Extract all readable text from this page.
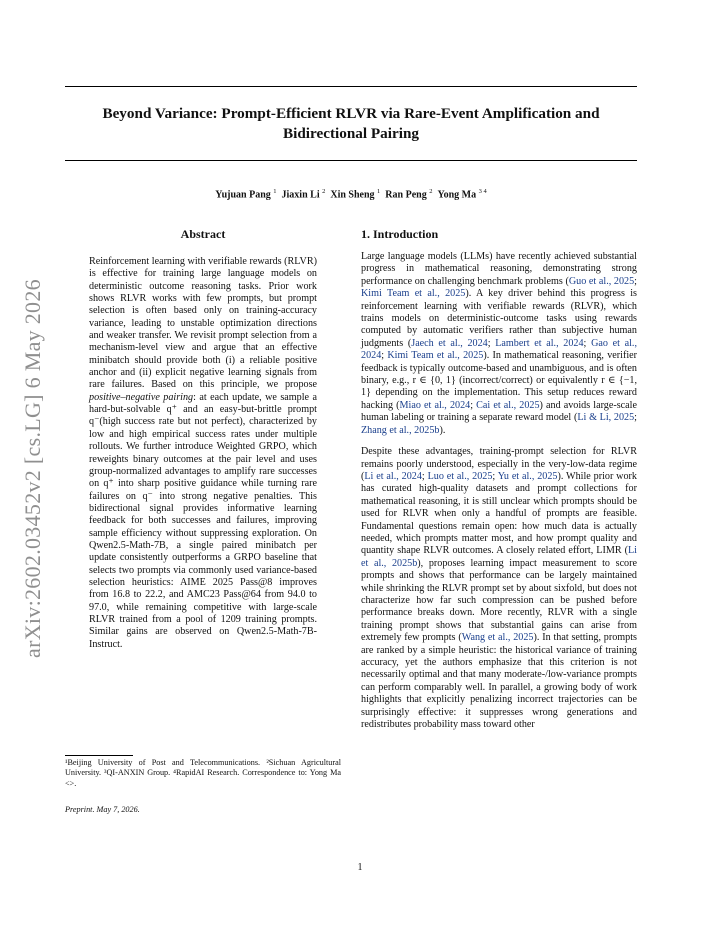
Beyond Variance: Prompt-Efficient RLVR via Rare-Event Amplification and Bidirectional Pairing
Yujuan Pang $^1$  Jiaxin Li $^2$  Xin Sheng $^1$  Ran Peng $^2$  Yong Ma $^{3 4}$
arXiv:2602.03452v2 [cs.LG] 6 May 2026
Abstract

Reinforcement learning with verifiable rewards (RLVR) is effective for training large language models on deterministic outcome reasoning tasks. Prior work shows RLVR works with few prompts, but prompt selection is often based only on training-accuracy variance, leading to unstable optimization directions and weaker transfer. We revisit prompt selection from a mechanism-level view and argue that an effective minibatch should provide both (i) a reliable positive anchor and (ii) explicit negative learning signals from rare failures. Based on this principle, we propose positive–negative pairing: at each update, we sample a hard-but-solvable q⁺ and an easy-but-brittle prompt q⁻(high success rate but not perfect), characterized by low and high empirical success rates under multiple rollouts. We further introduce Weighted GRPO, which reweights binary outcomes at the pair level and uses group-normalized advantages to amplify rare successes on q⁺ into sharp positive guidance while turning rare failures on q⁻ into strong negative penalties. This bidirectional signal provides informative learning feedback for both successes and failures, improving sample efficiency without suppressing exploration. On Qwen2.5-Math-7B, a single paired minibatch per update consistently outperforms a GRPO baseline that selects two prompts via commonly used variance-based selection heuristics: AIME 2025 Pass@8 improves from 16.8 to 22.2, and AMC23 Pass@64 from 94.0 to 97.0, while remaining competitive with large-scale RLVR trained from a pool of 1209 training prompts. Similar gains are observed on Qwen2.5-Math-7B-Instruct.

1. Introduction

Large language models (LLMs) have recently achieved substantial progress in mathematical reasoning, demonstrating strong performance on challenging benchmark problems (Guo et al., 2025; Kimi Team et al., 2025). A key driver behind this progress is reinforcement learning with verifiable rewards (RLVR), which trains models on deterministic-outcome tasks using rewards computed by automatic verifiers rather than subjective human judgments (Jaech et al., 2024; Lambert et al., 2024; Gao et al., 2024; Kimi Team et al., 2025). In mathematical reasoning, verifier feedback is typically outcome-based and unambiguous, and is often binary, e.g., r ∈ {0, 1} (incorrect/correct) or equivalently r ∈ {−1, 1} depending on the implementation. This setup reduces reward hacking (Miao et al., 2024; Cai et al., 2025) and avoids large-scale human labeling or training a separate reward model (Li & Li, 2025; Zhang et al., 2025b).

Despite these advantages, training-prompt selection for RLVR remains poorly understood, especially in the very-low-data regime (Li et al., 2024; Luo et al., 2025; Yu et al., 2025). While prior work has curated high-quality datasets and prompt collections for mathematical reasoning, it is still unclear which prompts should be used for RLVR when only a handful of prompts are feasible. Fundamental questions remain open: how much data is actually needed, which prompts matter most, and how prompt quality and quantity shape RLVR outcomes. A closely related effort, LIMR (Li et al., 2025b), proposes learning impact measurement to score prompts and shows that performance can be largely maintained while shrinking the RLVR prompt set by about sixfold, but does not characterize how far such compression can be pushed before performance breaks down. More recently, RLVR with a single training prompt shows that substantial gains can arise from extremely few prompts (Wang et al., 2025). In that setting, prompts are ranked by a simple heuristic: the historical variance of training accuracy, yet the authors emphasize that this criterion is not necessarily optimal and that many moderate-/low-variance prompts can perform comparably well. In parallel, a growing body of work highlights that explicitly penalizing incorrect trajectories can be surprisingly effective: it suppresses wrong generations and redistributes probability mass toward other

¹Beijing University of Post and Telecommunications. ²Sichuan Agricultural University. ³QI-ANXIN Group. ⁴RapidAI Research. Correspondence to: Yong Ma <>.
Preprint. May 7, 2026.
1
